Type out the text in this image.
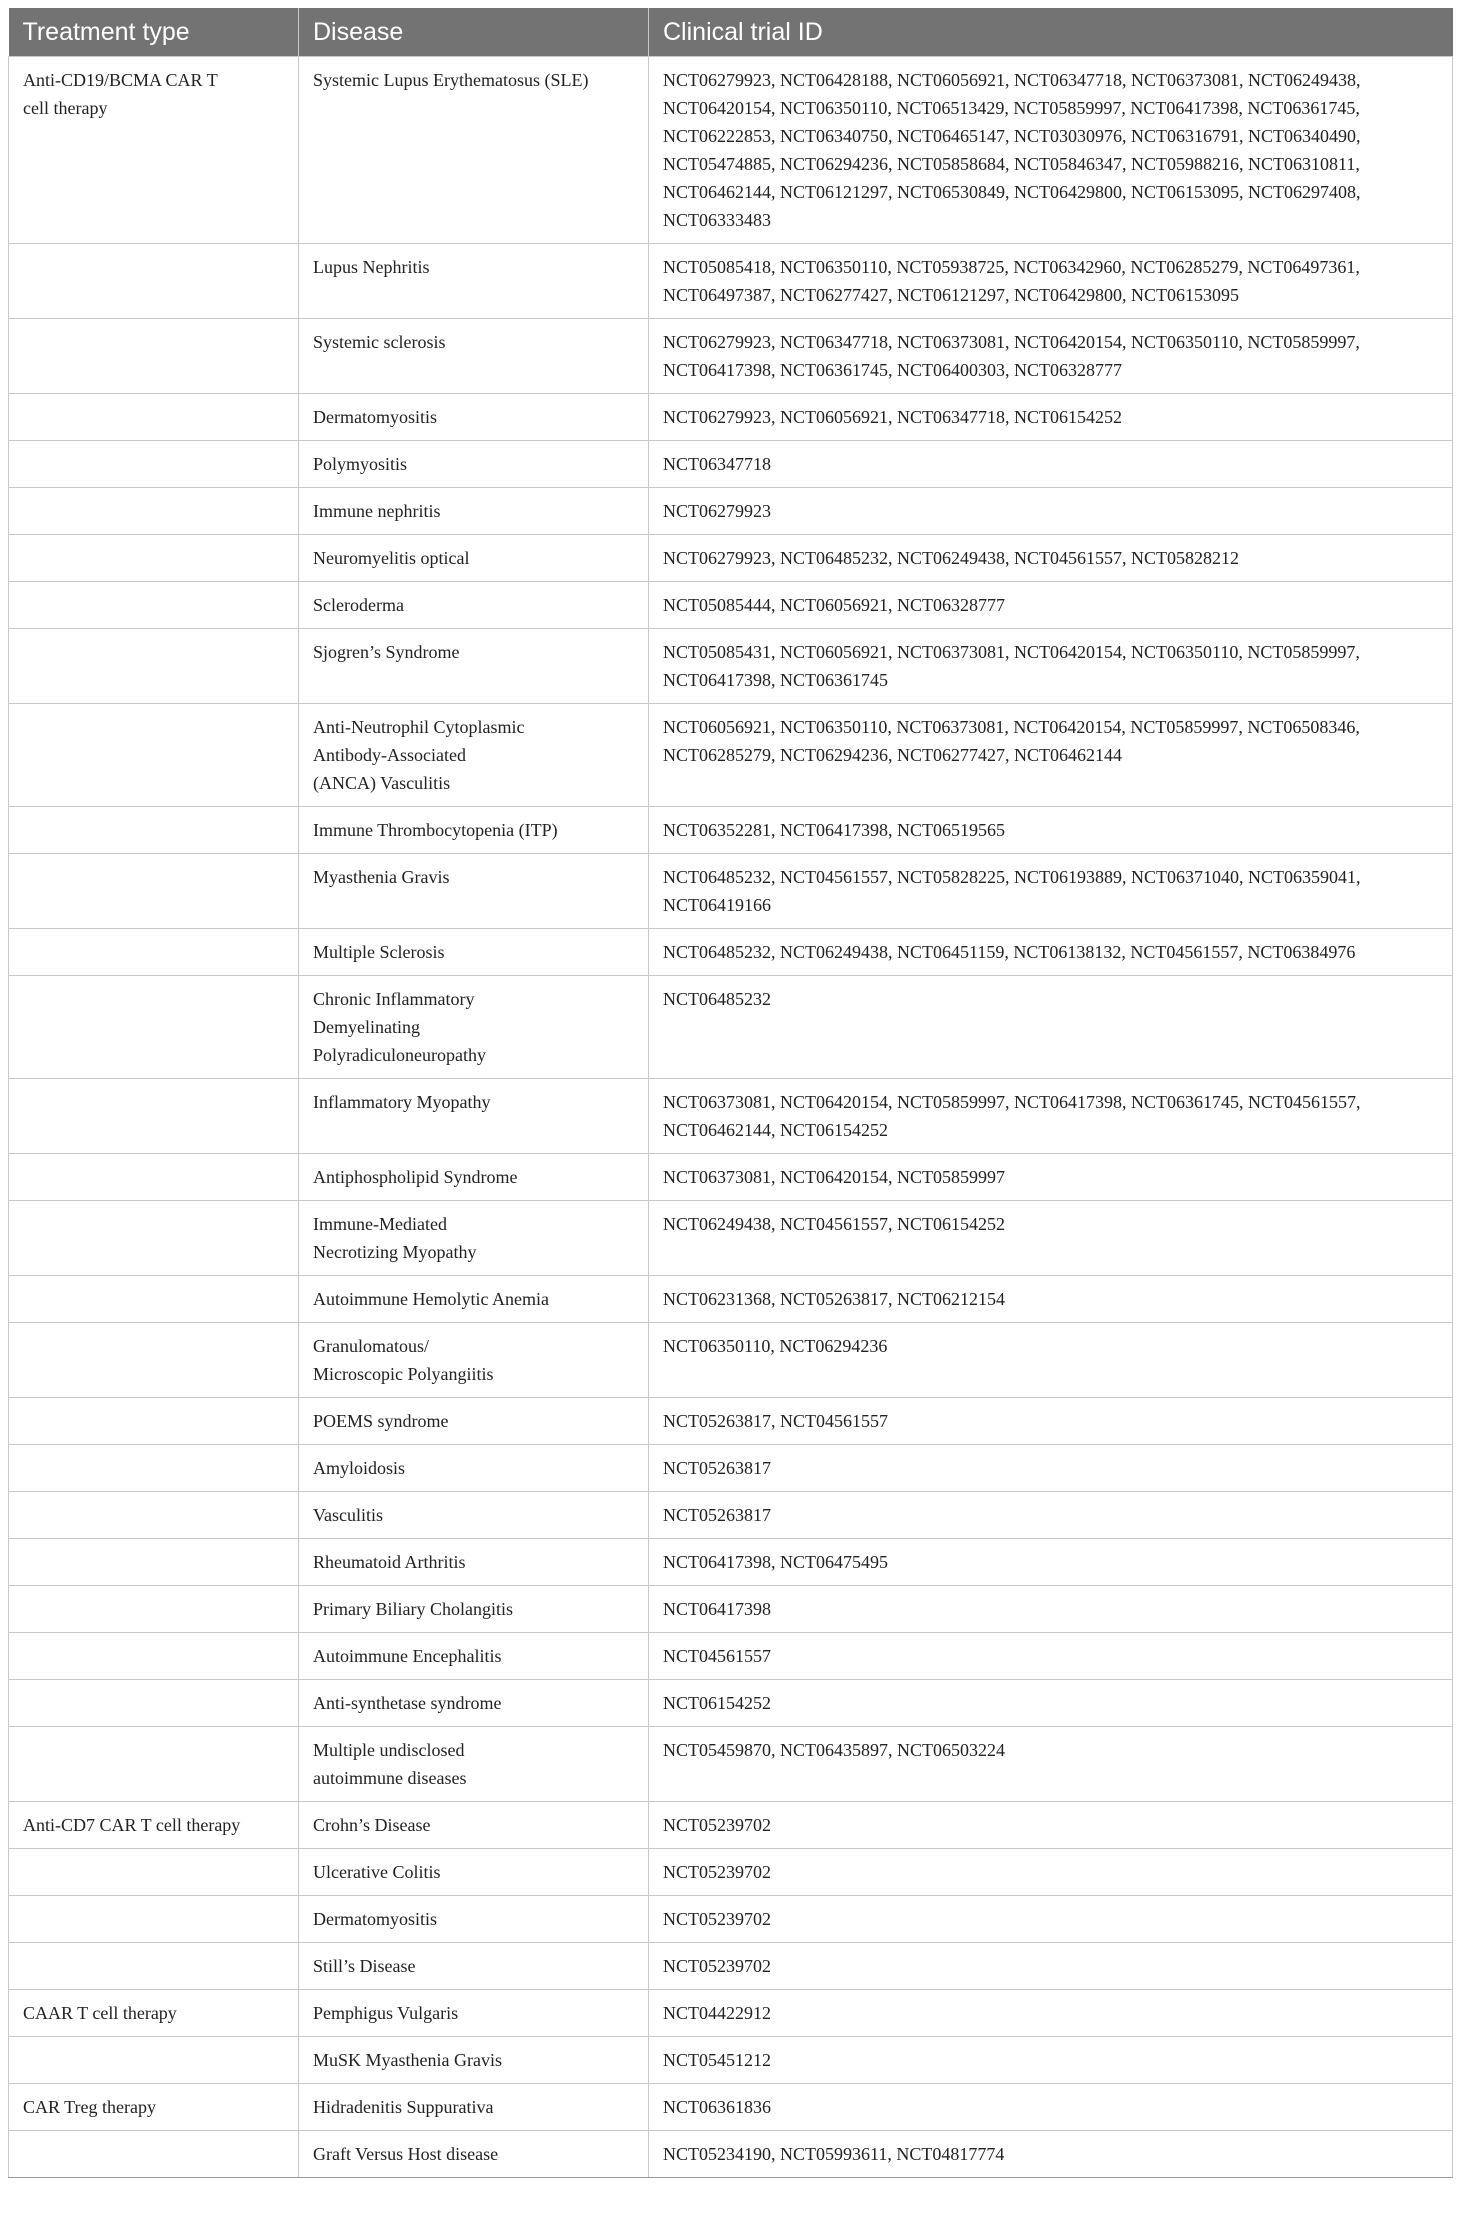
Treatment type	Disease	Clinical trial ID
Anti-CD19/BCMA CAR T
cell therapy	Systemic Lupus Erythematosus (SLE)	NCT06279923, NCT06428188, NCT06056921, NCT06347718, NCT06373081, NCT06249438, NCT06420154, NCT06350110, NCT06513429, NCT05859997, NCT06417398, NCT06361745, NCT06222853, NCT06340750, NCT06465147, NCT03030976, NCT06316791, NCT06340490, NCT05474885, NCT06294236, NCT05858684, NCT05846347, NCT05988216, NCT06310811, NCT06462144, NCT06121297, NCT06530849, NCT06429800, NCT06153095, NCT06297408, NCT06333483
	Lupus Nephritis	NCT05085418, NCT06350110, NCT05938725, NCT06342960, NCT06285279, NCT06497361, NCT06497387, NCT06277427, NCT06121297, NCT06429800, NCT06153095
	Systemic sclerosis	NCT06279923, NCT06347718, NCT06373081, NCT06420154, NCT06350110, NCT05859997, NCT06417398, NCT06361745, NCT06400303, NCT06328777
	Dermatomyositis	NCT06279923, NCT06056921, NCT06347718, NCT06154252
	Polymyositis	NCT06347718
	Immune nephritis	NCT06279923
	Neuromyelitis optical	NCT06279923, NCT06485232, NCT06249438, NCT04561557, NCT05828212
	Scleroderma	NCT05085444, NCT06056921, NCT06328777
	Sjogren’s Syndrome	NCT05085431, NCT06056921, NCT06373081, NCT06420154, NCT06350110, NCT05859997, NCT06417398, NCT06361745
	Anti-Neutrophil Cytoplasmic
Antibody-Associated
(ANCA) Vasculitis	NCT06056921, NCT06350110, NCT06373081, NCT06420154, NCT05859997, NCT06508346, NCT06285279, NCT06294236, NCT06277427, NCT06462144
	Immune Thrombocytopenia (ITP)	NCT06352281, NCT06417398, NCT06519565
	Myasthenia Gravis	NCT06485232, NCT04561557, NCT05828225, NCT06193889, NCT06371040, NCT06359041, NCT06419166
	Multiple Sclerosis	NCT06485232, NCT06249438, NCT06451159, NCT06138132, NCT04561557, NCT06384976
	Chronic Inflammatory
Demyelinating
Polyradiculoneuropathy	NCT06485232
	Inflammatory Myopathy	NCT06373081, NCT06420154, NCT05859997, NCT06417398, NCT06361745, NCT04561557, NCT06462144, NCT06154252
	Antiphospholipid Syndrome	NCT06373081, NCT06420154, NCT05859997
	Immune-Mediated
Necrotizing Myopathy	NCT06249438, NCT04561557, NCT06154252
	Autoimmune Hemolytic Anemia	NCT06231368, NCT05263817, NCT06212154
	Granulomatous/
Microscopic Polyangiitis	NCT06350110, NCT06294236
	POEMS syndrome	NCT05263817, NCT04561557
	Amyloidosis	NCT05263817
	Vasculitis	NCT05263817
	Rheumatoid Arthritis	NCT06417398, NCT06475495
	Primary Biliary Cholangitis	NCT06417398
	Autoimmune Encephalitis	NCT04561557
	Anti-synthetase syndrome	NCT06154252
	Multiple undisclosed
autoimmune diseases	NCT05459870, NCT06435897, NCT06503224
Anti-CD7 CAR T cell therapy	Crohn’s Disease	NCT05239702
	Ulcerative Colitis	NCT05239702
	Dermatomyositis	NCT05239702
	Still’s Disease	NCT05239702
CAAR T cell therapy	Pemphigus Vulgaris	NCT04422912
	MuSK Myasthenia Gravis	NCT05451212
CAR Treg therapy	Hidradenitis Suppurativa	NCT06361836
	Graft Versus Host disease	NCT05234190, NCT05993611, NCT04817774
